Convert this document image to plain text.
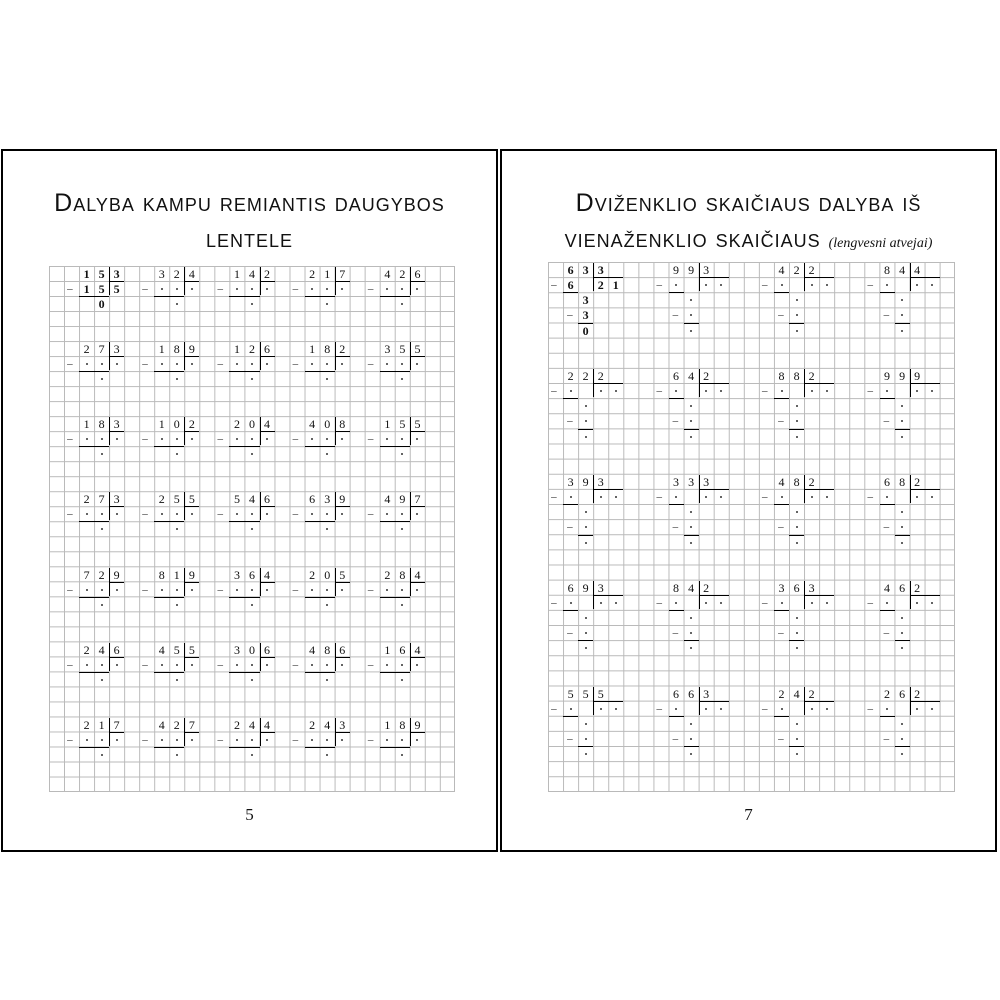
Dalyba kampu remiantis daugybos
lentele
1 5 3
_ 1 5 5
0
3 2 4
_
1 4 2
_
2 1 7
_
4 2 6
_
2 7 3
_
1 8 9
_
1 2 6
_
1 8 2
_
3 5 5
_
1 8 3
_
1 0 2
_
2 0 4
_
4 0 8
_
1 5 5
_
2 7 3
_
2 5 5
_
5 4 6
_
6 3 9
_
4 9 7
_
7 2 9
_
8 1 9
_
3 6 4
_
2 0 5
_
2 8 4
_
2 4 6
_
4 5 5
_
3 0 6
_
4 8 6
_
1 6 4
_
2 1 7
_
4 2 7
_
2 4 4
_
2 4 3
_
1 8 9
_
5
Dviženklio skaičiaus dalyba iš
vienaženklio skaičiaus (lengvesni atvejai)
6 3 3
_
_
6 2 1
3
3
0
9 9 3
_
_
4 2 2
_
_
8 4 4
_
_
2 2 2
_
_
6 4 2
_
_
8 8 2
_
_
9 9 9
_
_
3 9 3
_
_
3 3 3
_
_
4 8 2
_
_
6 8 2
_
_
6 9 3
_
_
8 4 2
_
_
3 6 3
_
_
4 6 2
_
_
5 5 5
_
_
6 6 3
_
_
2 4 2
_
_
2 6 2
_
_
7
